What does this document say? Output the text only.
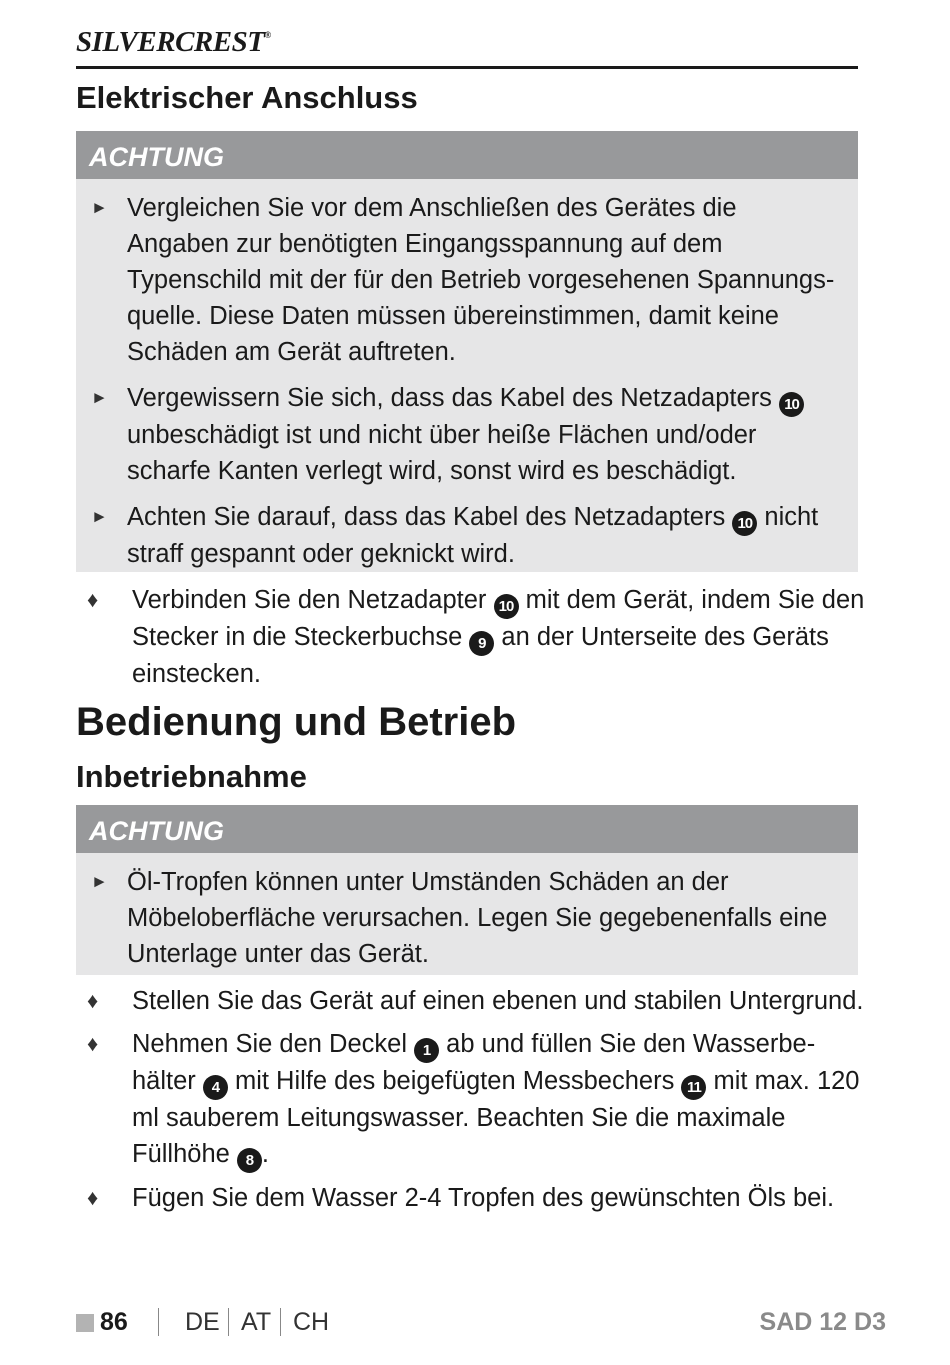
SILVERCREST®
Elektrischer Anschluss
ACHTUNG
► Vergleichen Sie vor dem Anschließen des Gerätes die Angaben zur benötigten Eingangsspannung auf dem Typenschild mit der für den Betrieb vorgesehenen Spannungs-quelle. Diese Daten müssen übereinstimmen, damit keine Schäden am Gerät auftreten.
► Vergewissern Sie sich, dass das Kabel des Netzadapters 10 unbeschädigt ist und nicht über heiße Flächen und/oder scharfe Kanten verlegt wird, sonst wird es beschädigt.
► Achten Sie darauf, dass das Kabel des Netzadapters 10 nicht straff gespannt oder geknickt wird.
♦ Verbinden Sie den Netzadapter 10 mit dem Gerät, indem Sie den Stecker in die Steckerbuchse 9 an der Unterseite des Geräts einstecken.
Bedienung und Betrieb
Inbetriebnahme
ACHTUNG
► Öl-Tropfen können unter Umständen Schäden an der Möbeloberfläche verursachen. Legen Sie gegebenenfalls eine Unterlage unter das Gerät.
♦ Stellen Sie das Gerät auf einen ebenen und stabilen Untergrund.
♦ Nehmen Sie den Deckel 1 ab und füllen Sie den Wasserbe-hälter 4 mit Hilfe des beigefügten Messbechers 11 mit max. 120 ml sauberem Leitungswasser. Beachten Sie die maximale Füllhöhe 8 .
♦ Fügen Sie dem Wasser 2-4 Tropfen des gewünschten Öls bei.
86 DE AT CH	SAD 12 D3
